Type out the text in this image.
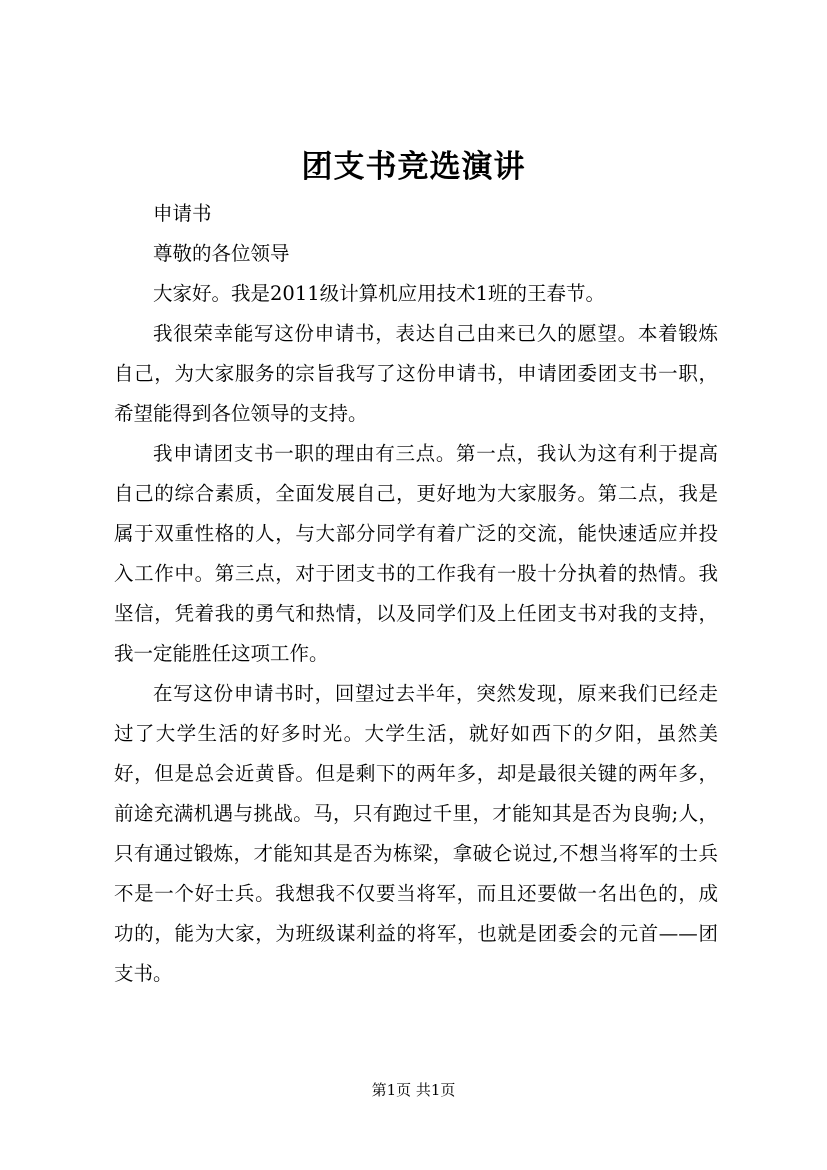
团支书竞选演讲

申请书

尊敬的各位领导

大家好。我是2011级计算机应用技术1班的王春节。

我很荣幸能写这份申请书，表达自己由来已久的愿望。本着锻炼自己，为大家服务的宗旨我写了这份申请书，申请团委团支书一职，希望能得到各位领导的支持。

我申请团支书一职的理由有三点。第一点，我认为这有利于提高自己的综合素质，全面发展自己，更好地为大家服务。第二点，我是属于双重性格的人，与大部分同学有着广泛的交流，能快速适应并投入工作中。第三点，对于团支书的工作我有一股十分执着的热情。我坚信，凭着我的勇气和热情，以及同学们及上任团支书对我的支持，我一定能胜任这项工作。

在写这份申请书时，回望过去半年，突然发现，原来我们已经走过了大学生活的好多时光。大学生活，就好如西下的夕阳，虽然美好，但是总会近黄昏。但是剩下的两年多，却是最很关键的两年多，前途充满机遇与挑战。马，只有跑过千里，才能知其是否为良驹;人，只有通过锻炼，才能知其是否为栋梁，拿破仑说过,不想当将军的士兵不是一个好士兵。我想我不仅要当将军，而且还要做一名出色的，成功的，能为大家，为班级谋利益的将军，也就是团委会的元首——团支书。

第1页 共1页
